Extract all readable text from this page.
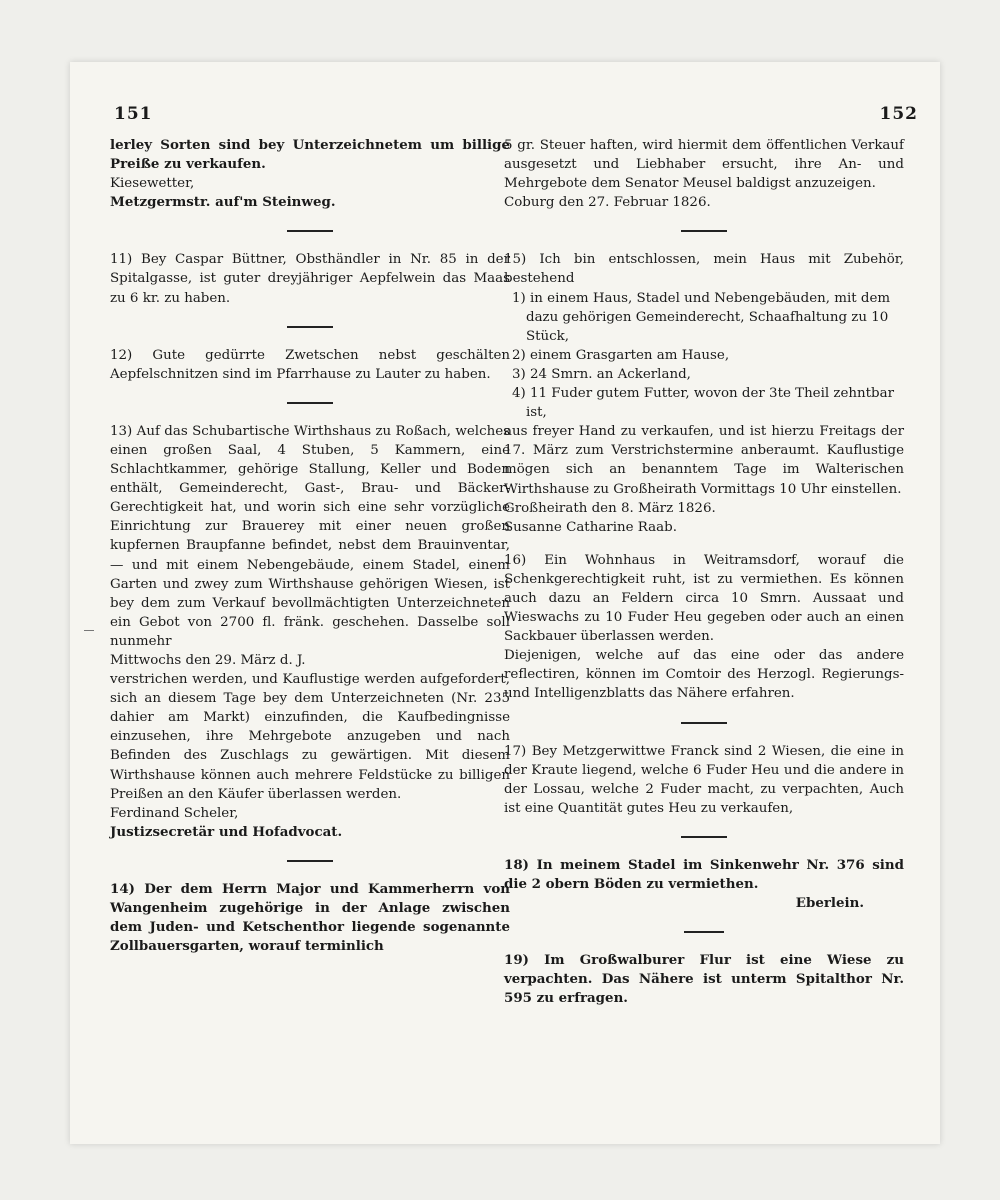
151	152

lerley Sorten sind bey Unterzeichnetem um billige Preiße zu verkaufen.

Kiesewetter,

Metzgermstr. auf'm Steinweg.

11) Bey Caspar Büttner, Obsthändler in Nr. 85 in der Spitalgasse, ist guter dreyjähriger Aepfelwein das Maas zu 6 kr. zu haben.

12) Gute gedürrte Zwetschen nebst geschälten Aepfelschnitzen sind im Pfarrhause zu Lauter zu haben.

13) Auf das Schubartische Wirthshaus zu Roßach, welches einen großen Saal, 4 Stuben, 5 Kammern, eine Schlachtkammer, gehörige Stallung, Keller und Boden enthält, Gemeinderecht, Gast-, Brau- und Bäcker-Gerechtigkeit hat, und worin sich eine sehr vorzügliche Einrichtung zur Brauerey mit einer neuen großen kupfernen Braupfanne befindet, nebst dem Brauinventar, — und mit einem Nebengebäude, einem Stadel, einem Garten und zwey zum Wirthshause gehörigen Wiesen, ist bey dem zum Verkauf bevollmächtigten Unterzeichneten ein Gebot von 2700 fl. fränk. geschehen. Dasselbe soll nunmehr

Mittwochs den 29. März d. J.

verstrichen werden, und Kauflustige werden aufgefordert, sich an diesem Tage bey dem Unterzeichneten (Nr. 235 dahier am Markt) einzufinden, die Kaufbedingnisse einzusehen, ihre Mehrgebote anzugeben und nach Befinden des Zuschlags zu gewärtigen. Mit diesem Wirthshause können auch mehrere Feldstücke zu billigen Preißen an den Käufer überlassen werden.

Ferdinand Scheler,

Justizsecretär und Hofadvocat.

14) Der dem Herrn Major und Kammerherrn von Wangenheim zugehörige in der Anlage zwischen dem Juden- und Ketschenthor liegende sogenannte Zollbauersgarten, worauf terminlich

5 gr. Steuer haften, wird hiermit dem öffentlichen Verkauf ausgesetzt und Liebhaber ersucht, ihre An- und Mehrgebote dem Senator Meusel baldigst anzuzeigen.

Coburg den 27. Februar 1826.

15) Ich bin entschlossen, mein Haus mit Zubehör, bestehend

1) in einem Haus, Stadel und Nebengebäuden, mit dem dazu gehörigen Gemeinderecht, Schaafhaltung zu 10 Stück,
2) einem Grasgarten am Hause,
3) 24 Smrn. an Ackerland,
4) 11 Fuder gutem Futter, wovon der 3te Theil zehntbar ist,

aus freyer Hand zu verkaufen, und ist hierzu Freitags der 17. März zum Verstrichstermine anberaumt. Kauflustige mögen sich an benanntem Tage im Walterischen Wirthshause zu Großheirath Vormittags 10 Uhr einstellen.

Großheirath den 8. März 1826.

Susanne Catharine Raab.

16) Ein Wohnhaus in Weitramsdorf, worauf die Schenkgerechtigkeit ruht, ist zu vermiethen. Es können auch dazu an Feldern circa 10 Smrn. Aussaat und Wieswachs zu 10 Fuder Heu gegeben oder auch an einen Sackbauer überlassen werden.

Diejenigen, welche auf das eine oder das andere reflectiren, können im Comtoir des Herzogl. Regierungs- und Intelligenzblatts das Nähere erfahren.

17) Bey Metzgerwittwe Franck sind 2 Wiesen, die eine in der Kraute liegend, welche 6 Fuder Heu und die andere in der Lossau, welche 2 Fuder macht, zu verpachten, Auch ist eine Quantität gutes Heu zu verkaufen,

18) In meinem Stadel im Sinkenwehr Nr. 376 sind die 2 obern Böden zu vermiethen.

Eberlein.

19) Im Großwalburer Flur ist eine Wiese zu verpachten. Das Nähere ist unterm Spitalthor Nr. 595 zu erfragen.
